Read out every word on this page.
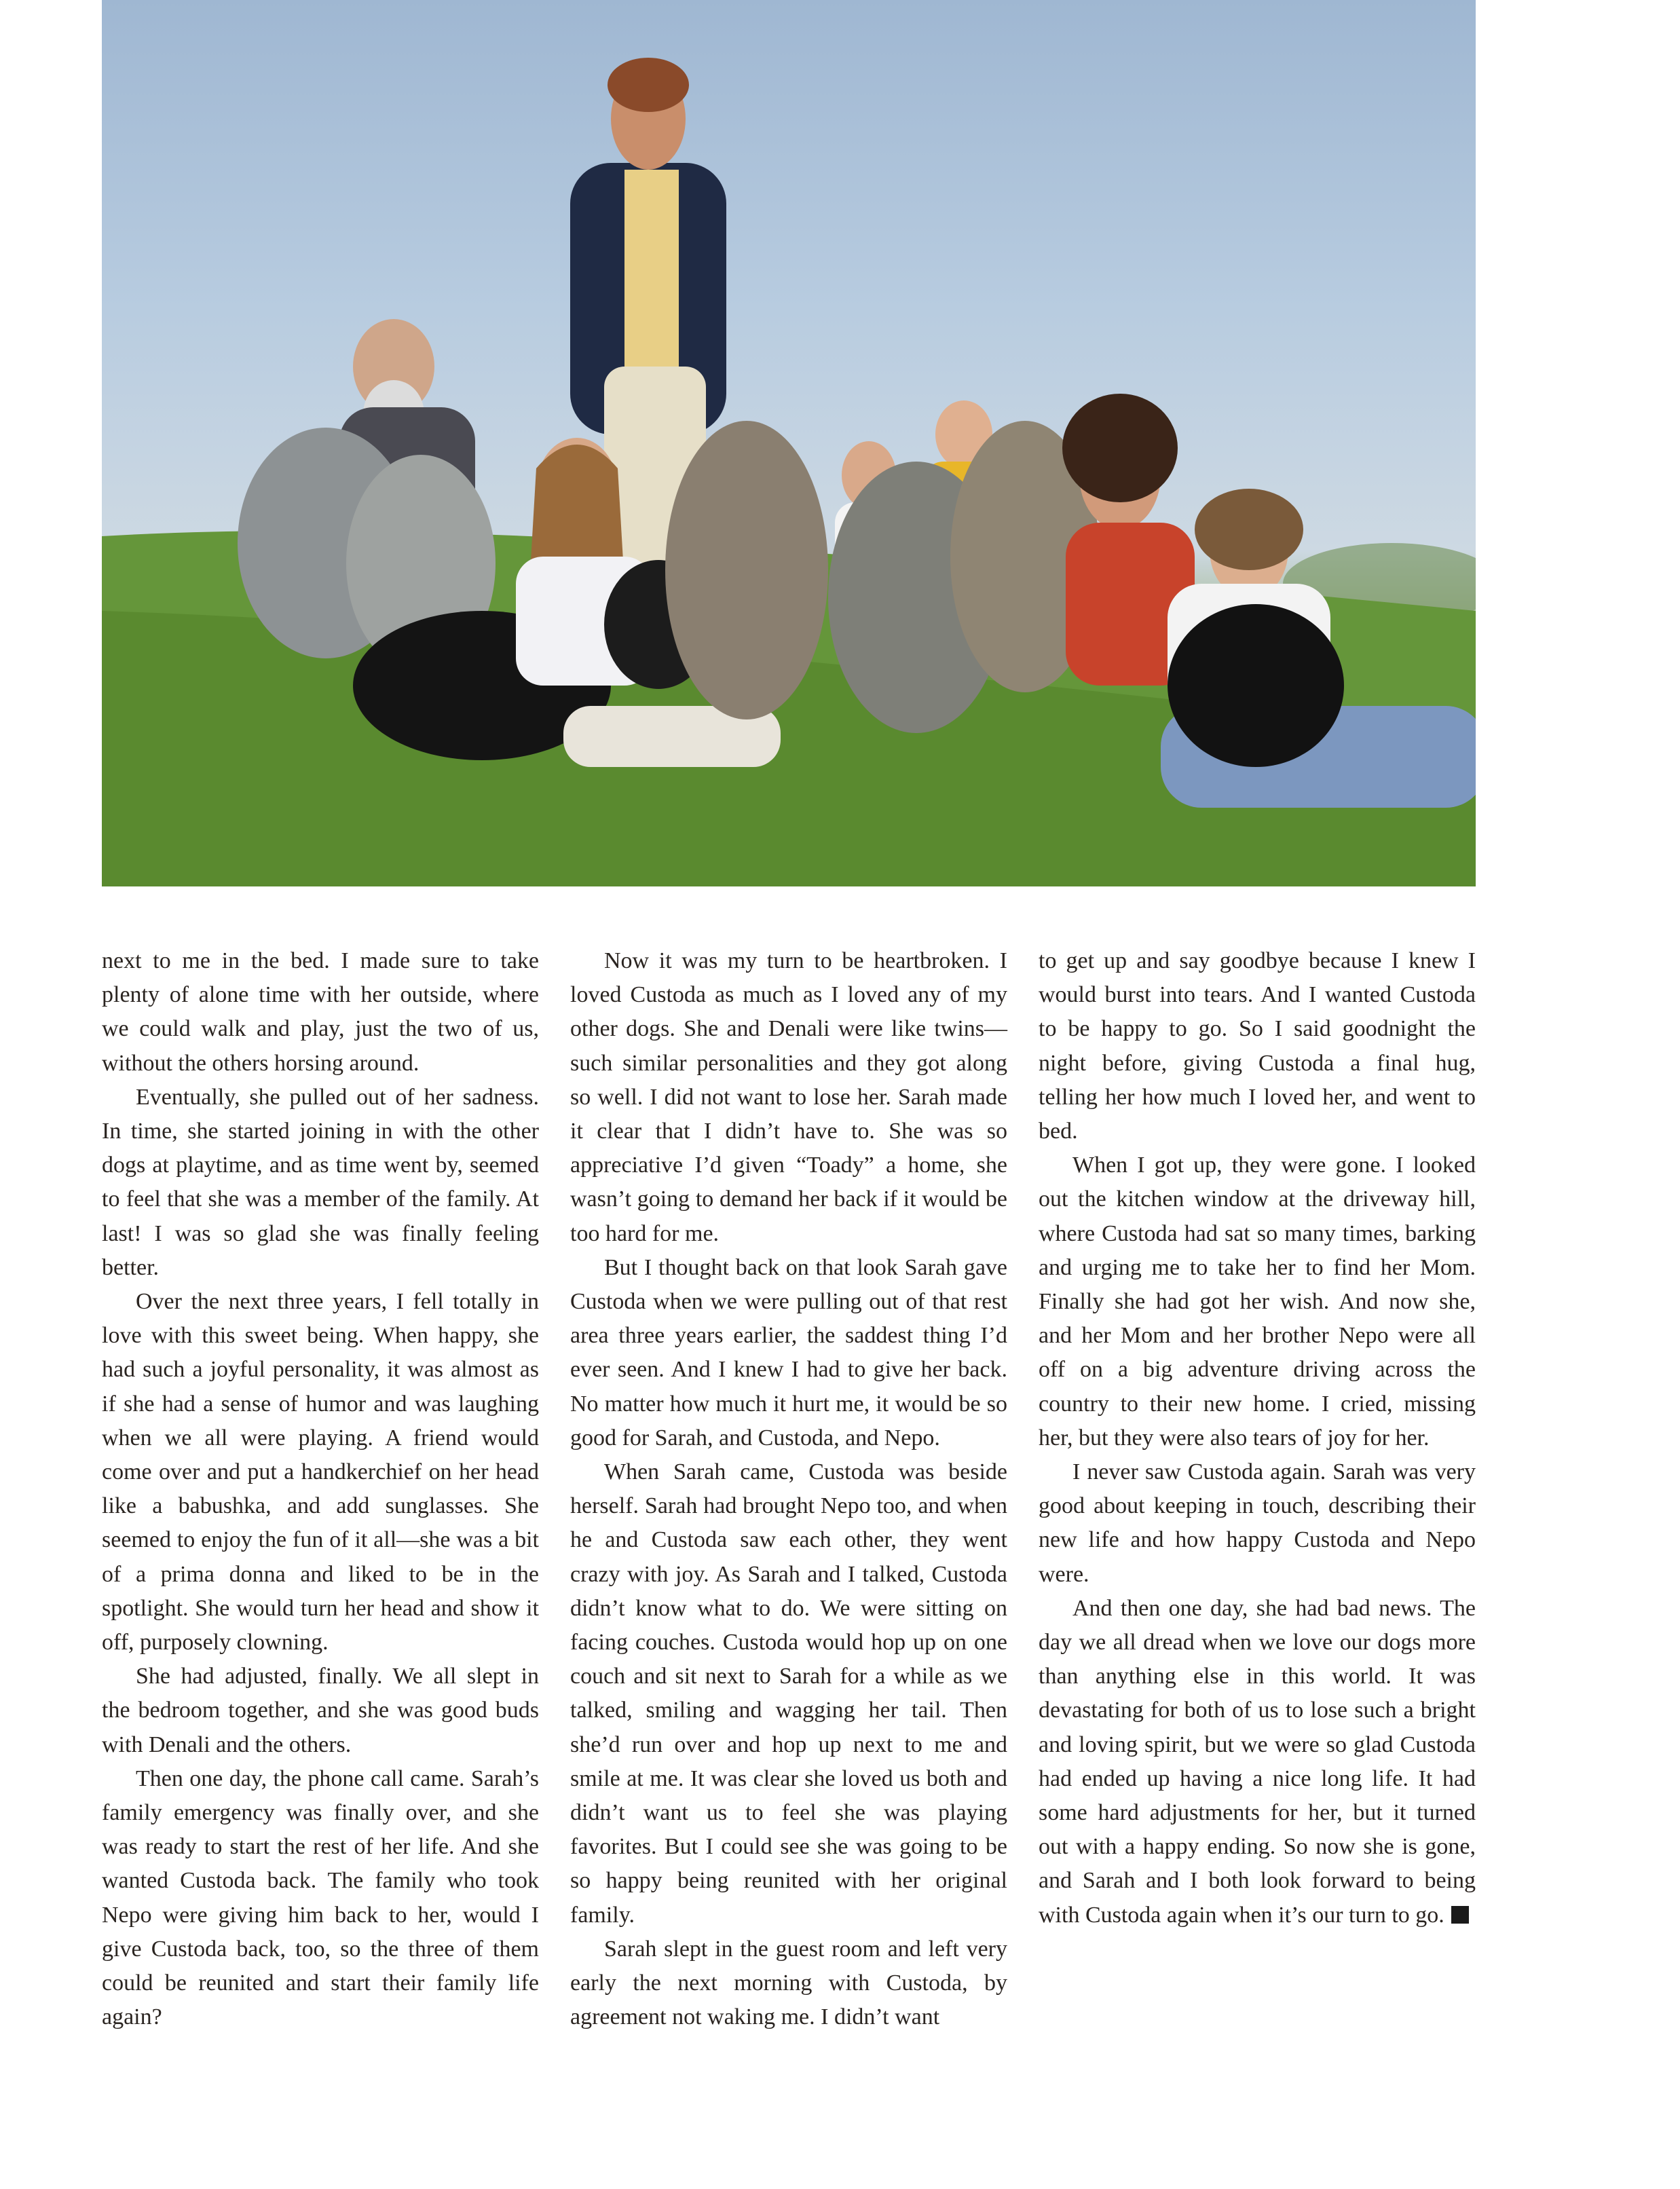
next to me in the bed. I made sure to take plenty of alone time with her outside, where we could walk and play, just the two of us, without the others horsing around.

Eventually, she pulled out of her sadness. In time, she started joining in with the other dogs at playtime, and as time went by, seemed to feel that she was a member of the family. At last! I was so glad she was finally feeling better.

Over the next three years, I fell totally in love with this sweet being. When happy, she had such a joyful personality, it was almost as if she had a sense of humor and was laughing when we all were playing. A friend would come over and put a handkerchief on her head like a babushka, and add sunglasses. She seemed to enjoy the fun of it all—she was a bit of a prima donna and liked to be in the spotlight. She would turn her head and show it off, purposely clowning.

She had adjusted, finally. We all slept in the bedroom together, and she was good buds with Denali and the others.

Then one day, the phone call came. Sarah’s family emergency was finally over, and she was ready to start the rest of her life. And she wanted Custoda back. The family who took Nepo were giving him back to her, would I give Custoda back, too, so the three of them could be reunited and start their family life again?

Now it was my turn to be heartbroken. I loved Custoda as much as I loved any of my other dogs. She and Denali were like twins—such similar personalities and they got along so well. I did not want to lose her. Sarah made it clear that I didn’t have to. She was so appreciative I’d given “Toady” a home, she wasn’t going to demand her back if it would be too hard for me.

But I thought back on that look Sarah gave Custoda when we were pulling out of that rest area three years earlier, the saddest thing I’d ever seen. And I knew I had to give her back. No matter how much it hurt me, it would be so good for Sarah, and Custoda, and Nepo.

When Sarah came, Custoda was beside herself. Sarah had brought Nepo too, and when he and Custoda saw each other, they went crazy with joy. As Sarah and I talked, Custoda didn’t know what to do. We were sitting on facing couches. Custoda would hop up on one couch and sit next to Sarah for a while as we talked, smiling and wagging her tail. Then she’d run over and hop up next to me and smile at me. It was clear she loved us both and didn’t want us to feel she was playing favorites. But I could see she was going to be so happy being reunited with her original family.

Sarah slept in the guest room and left very early the next morning with Custoda, by agreement not waking me. I didn’t want

to get up and say goodbye because I knew I would burst into tears. And I wanted Custoda to be happy to go. So I said goodnight the night before, giving Custoda a final hug, telling her how much I loved her, and went to bed.

When I got up, they were gone. I looked out the kitchen window at the driveway hill, where Custoda had sat so many times, barking and urging me to take her to find her Mom. Finally she had got her wish. And now she, and her Mom and her brother Nepo were all off on a big adventure driving across the country to their new home. I cried, missing her, but they were also tears of joy for her.

I never saw Custoda again. Sarah was very good about keeping in touch, describing their new life and how happy Custoda and Nepo were.

And then one day, she had bad news. The day we all dread when we love our dogs more than anything else in this world. It was devastating for both of us to lose such a bright and loving spirit, but we were so glad Custoda had ended up having a nice long life. It had some hard adjustments for her, but it turned out with a happy ending. So now she is gone, and Sarah and I both look forward to being with Custoda again when it’s our turn to go.
